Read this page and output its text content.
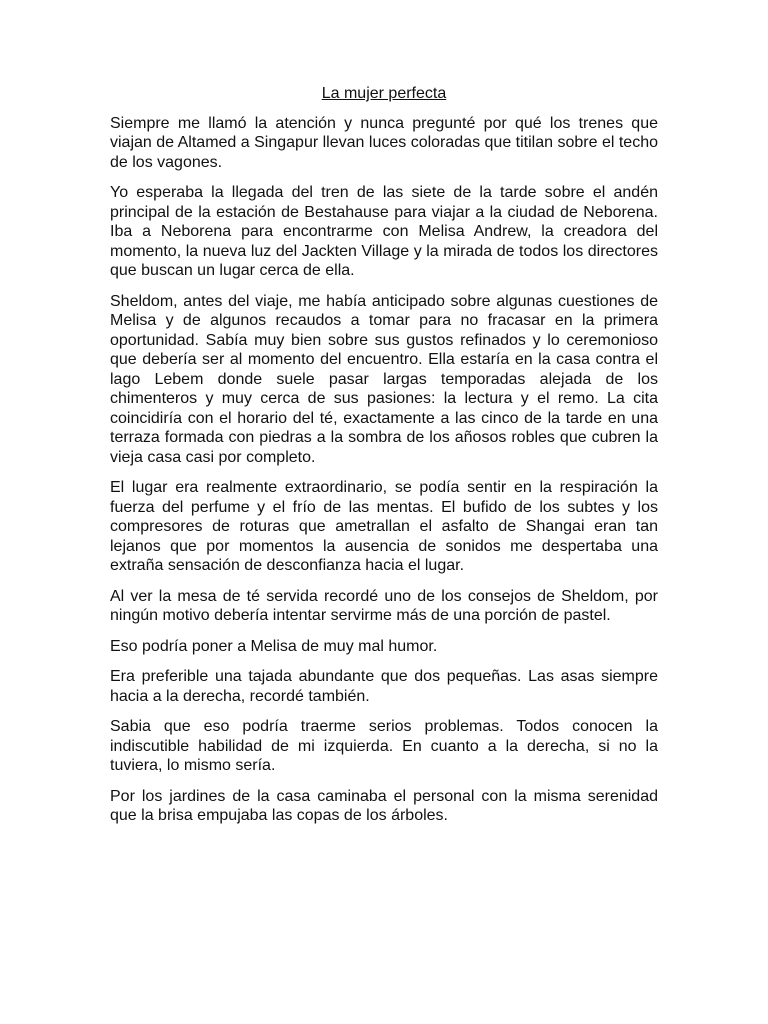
La mujer perfecta

Siempre me llamó la atención y nunca pregunté por qué los trenes que viajan de Altamed a Singapur llevan luces coloradas que titilan sobre el techo de los vagones.

Yo esperaba la llegada del tren de las siete de la tarde sobre el andén principal de la estación de Bestahause para viajar a la ciudad de Neborena. Iba a Neborena para encontrarme con Melisa Andrew, la creadora del momento, la nueva luz del Jackten Village y la mirada de todos los directores que buscan un lugar cerca de ella.

Sheldom, antes del viaje, me había anticipado sobre algunas cuestiones de Melisa y de algunos recaudos a tomar para no fracasar en la primera oportunidad. Sabía muy bien sobre sus gustos refinados y lo ceremonioso que debería ser al momento del encuentro. Ella estaría en la casa contra el lago Lebem donde suele pasar largas temporadas alejada de los chimenteros y muy cerca de sus pasiones: la lectura y el remo. La cita coincidiría con el horario del té, exactamente a las cinco de la tarde en una terraza formada con piedras a la sombra de los añosos robles que cubren la vieja casa casi por completo.

El lugar era realmente extraordinario, se podía sentir en la respiración la fuerza del perfume y el frío de las mentas. El bufido de los subtes y los compresores de roturas que ametrallan el asfalto de Shangai eran tan lejanos que por momentos la ausencia de sonidos me despertaba una extraña sensación de desconfianza hacia el lugar.

Al ver la mesa de té servida recordé uno de los consejos de Sheldom, por ningún motivo debería intentar servirme más de una porción de pastel.

Eso podría poner a Melisa de muy mal humor.

Era preferible una tajada abundante que dos pequeñas. Las asas siempre hacia a la derecha, recordé también.

Sabia que eso podría traerme serios problemas. Todos conocen la indiscutible habilidad de mi izquierda. En cuanto a la derecha, si no la tuviera, lo mismo sería.

Por los jardines de la casa caminaba el personal con la misma serenidad que la brisa empujaba las copas de los árboles.
